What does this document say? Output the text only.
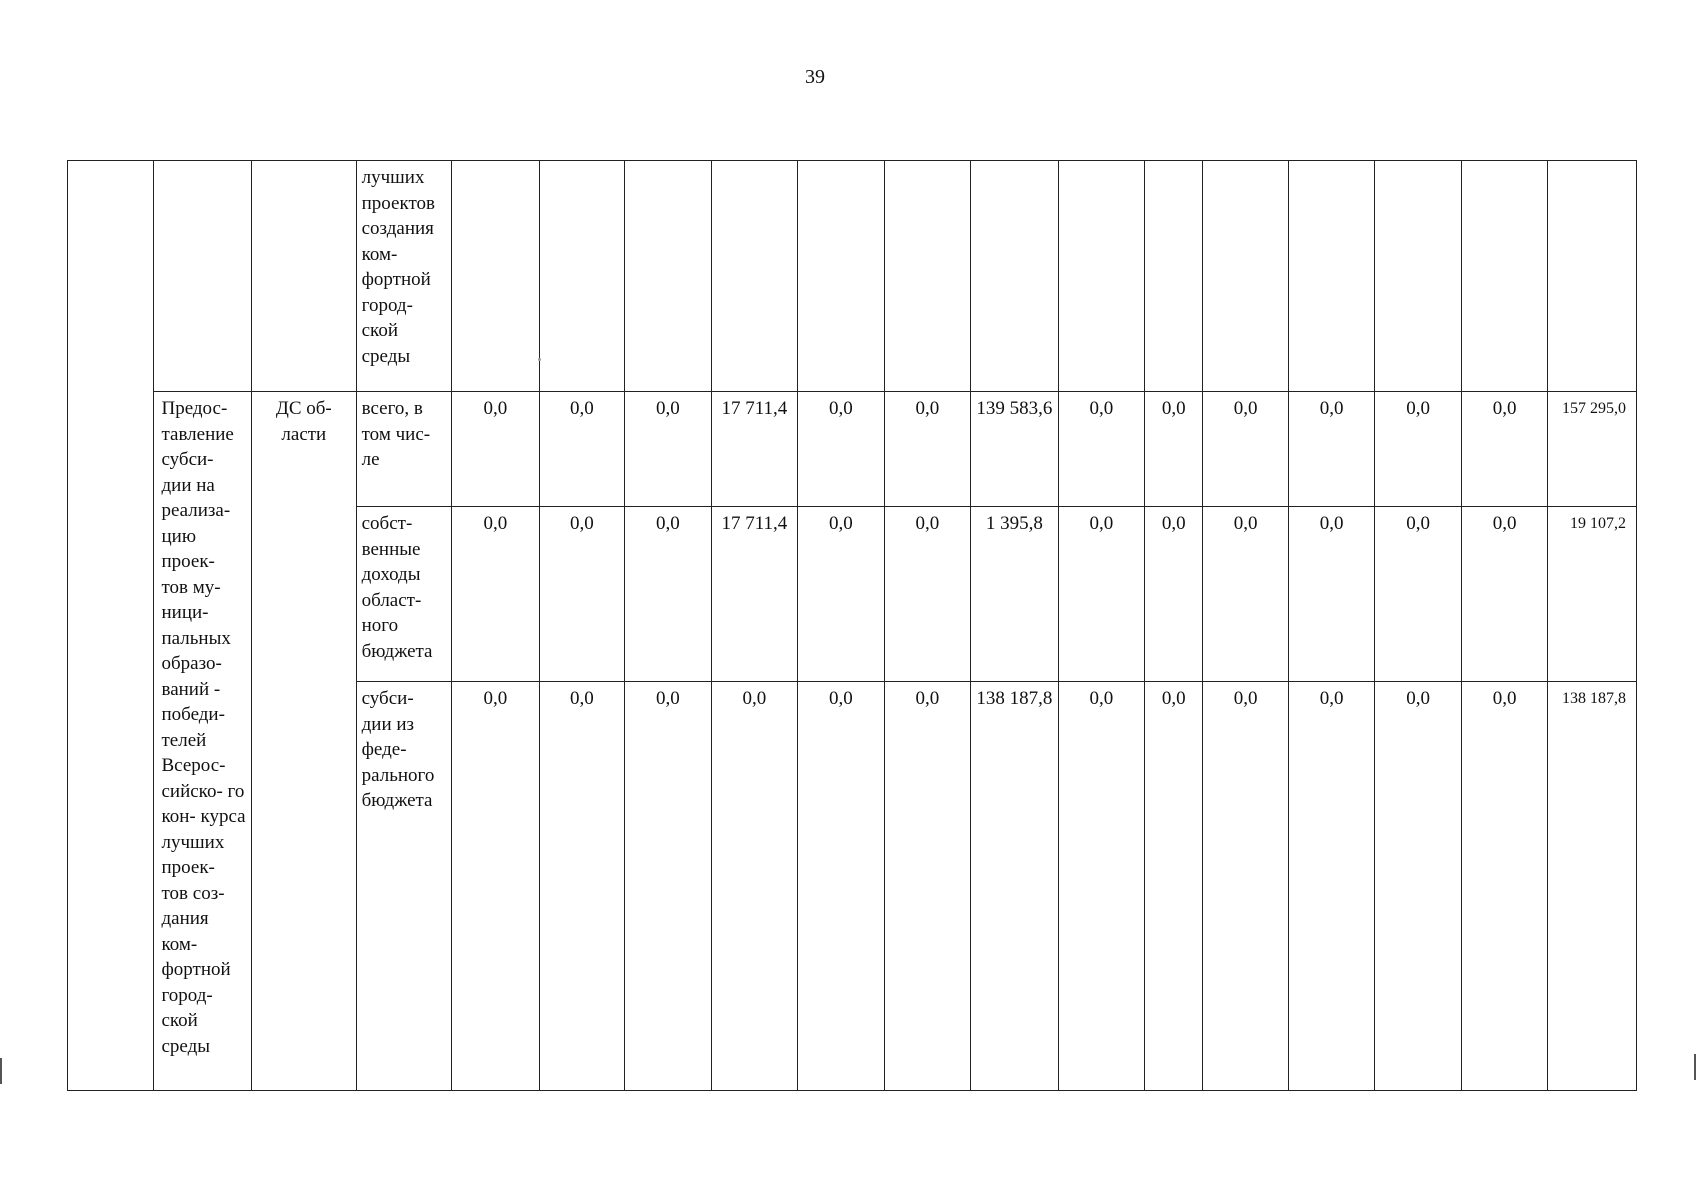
39
			лучших проектов создания ком- фортной город- ской среды														

	Предос- тавление субси- дии на реализа- цию проек- тов му- ници- пальных образо- ваний - победи- телей Всерос- сийско- го кон- курса лучших проек- тов соз- дания ком- фортной город- ской среды	ДС об- ласти	всего, в том чис- ле	0,0	0,0	0,0	17 711,4	0,0	0,0	139 583,6	0,0	0,0	0,0	0,0	0,0	0,0	157 295,0
			собст- венные доходы област- ного бюджета	0,0	0,0	0,0	17 711,4	0,0	0,0	1 395,8	0,0	0,0	0,0	0,0	0,0	0,0	19 107,2
			субси- дии из феде- рального бюджета	0,0	0,0	0,0	0,0	0,0	0,0	138 187,8	0,0	0,0	0,0	0,0	0,0	0,0	138 187,8
